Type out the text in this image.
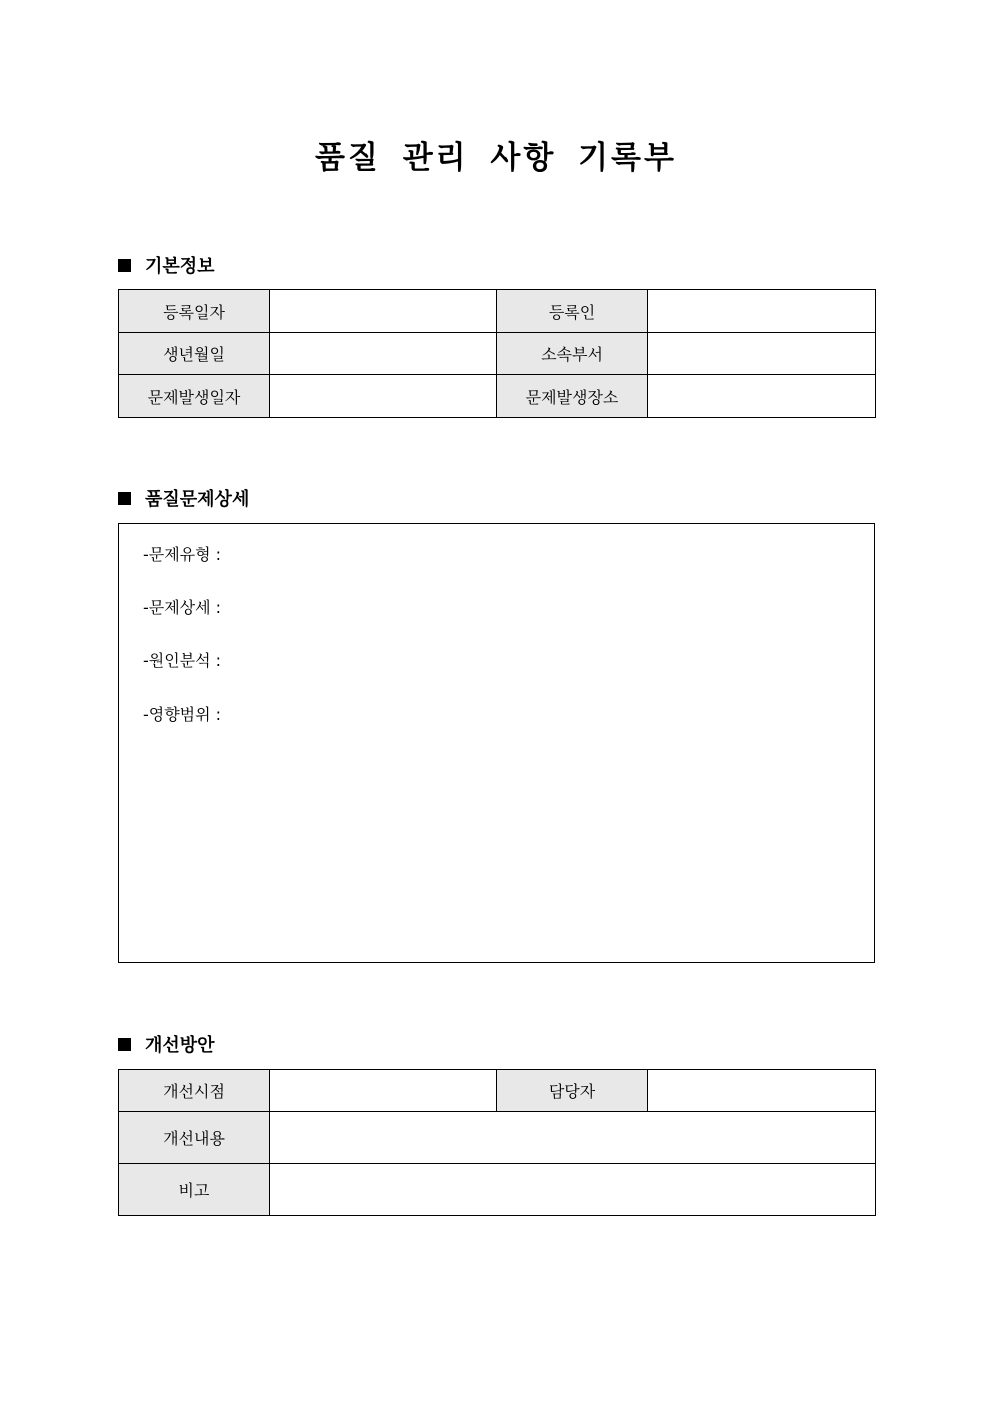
품질 관리 사항 기록부
기본정보
등록일자		등록인	
생년월일		소속부서	
문제발생일자		문제발생장소	
품질문제상세
-문제유형 :
-문제상세 :
-원인분석 :
-영향범위 :
개선방안
개선시점		담당자	
개선내용			
비고			
